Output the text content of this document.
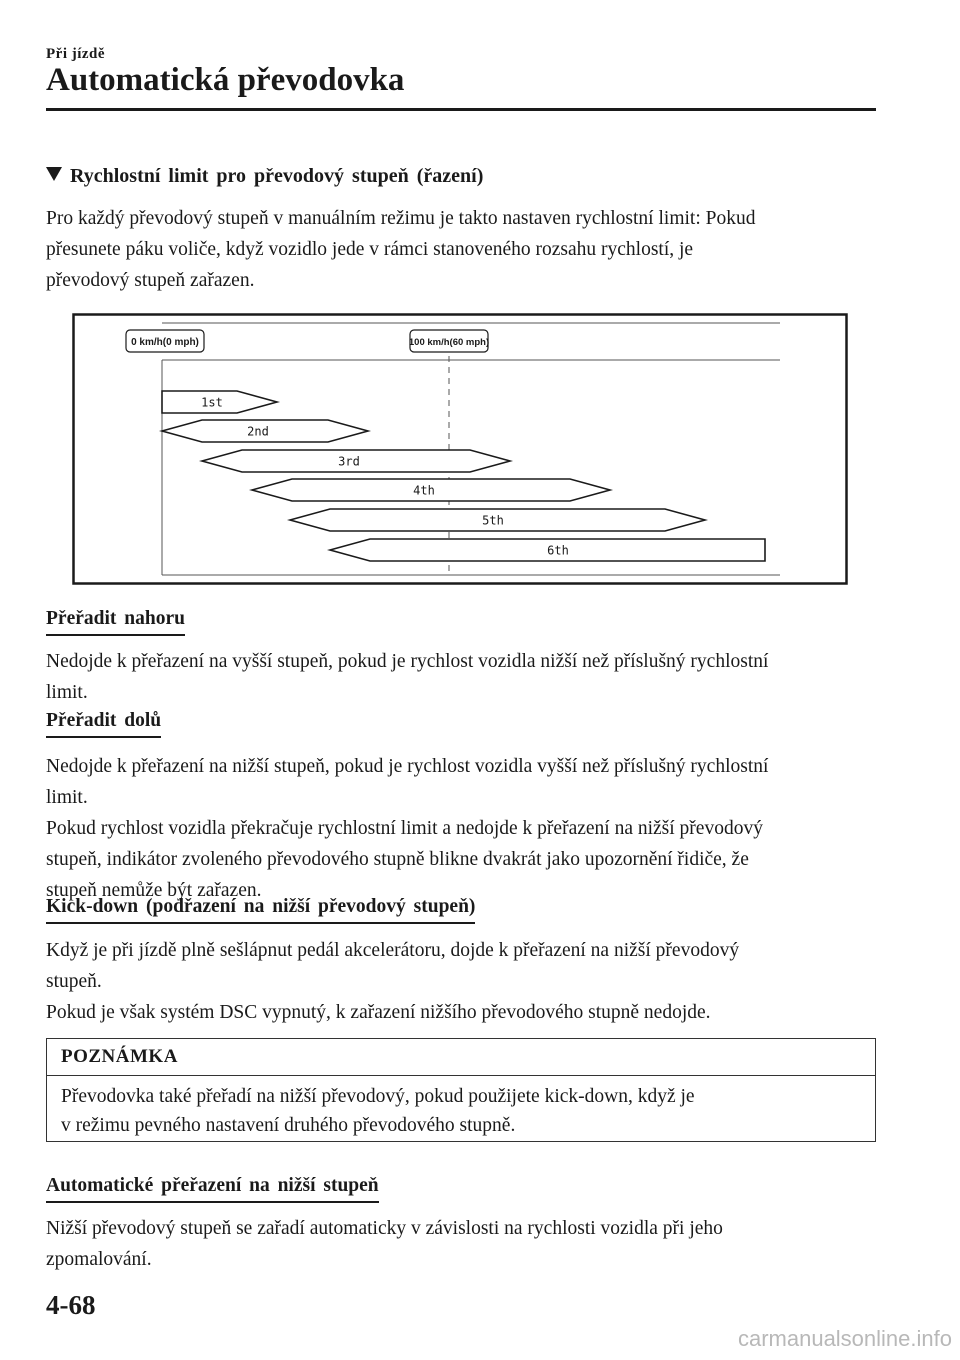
Při jízdě
Automatická převodovka
Rychlostní limit pro převodový stupeň (řazení)
Pro každý převodový stupeň v manuálním režimu je takto nastaven rychlostní limit: Pokud
přesunete páku voliče, když vozidlo jede v rámci stanoveného rozsahu rychlostí, je
převodový stupeň zařazen.
0 km/h(0 mph)	100 km/h(60 mph)
1st
2nd
3rd
4th
5th
6th
Přeřadit nahoru
Nedojde k přeřazení na vyšší stupeň, pokud je rychlost vozidla nižší než příslušný rychlostní
limit.
Přeřadit dolů
Nedojde k přeřazení na nižší stupeň, pokud je rychlost vozidla vyšší než příslušný rychlostní
limit.
Pokud rychlost vozidla překračuje rychlostní limit a nedojde k přeřazení na nižší převodový
stupeň, indikátor zvoleného převodového stupně blikne dvakrát jako upozornění řidiče, že
stupeň nemůže být zařazen.
Kick-down (podřazení na nižší převodový stupeň)
Když je při jízdě plně sešlápnut pedál akcelerátoru, dojde k přeřazení na nižší převodový
stupeň.
Pokud je však systém DSC vypnutý, k zařazení nižšího převodového stupně nedojde.
POZNÁMKA
Převodovka také přeřadí na nižší převodový, pokud použijete kick-down, když je
v režimu pevného nastavení druhého převodového stupně.
Automatické přeřazení na nižší stupeň
Nižší převodový stupeň se zařadí automaticky v závislosti na rychlosti vozidla při jeho
zpomalování.
4-68
carmanualsonline.info
